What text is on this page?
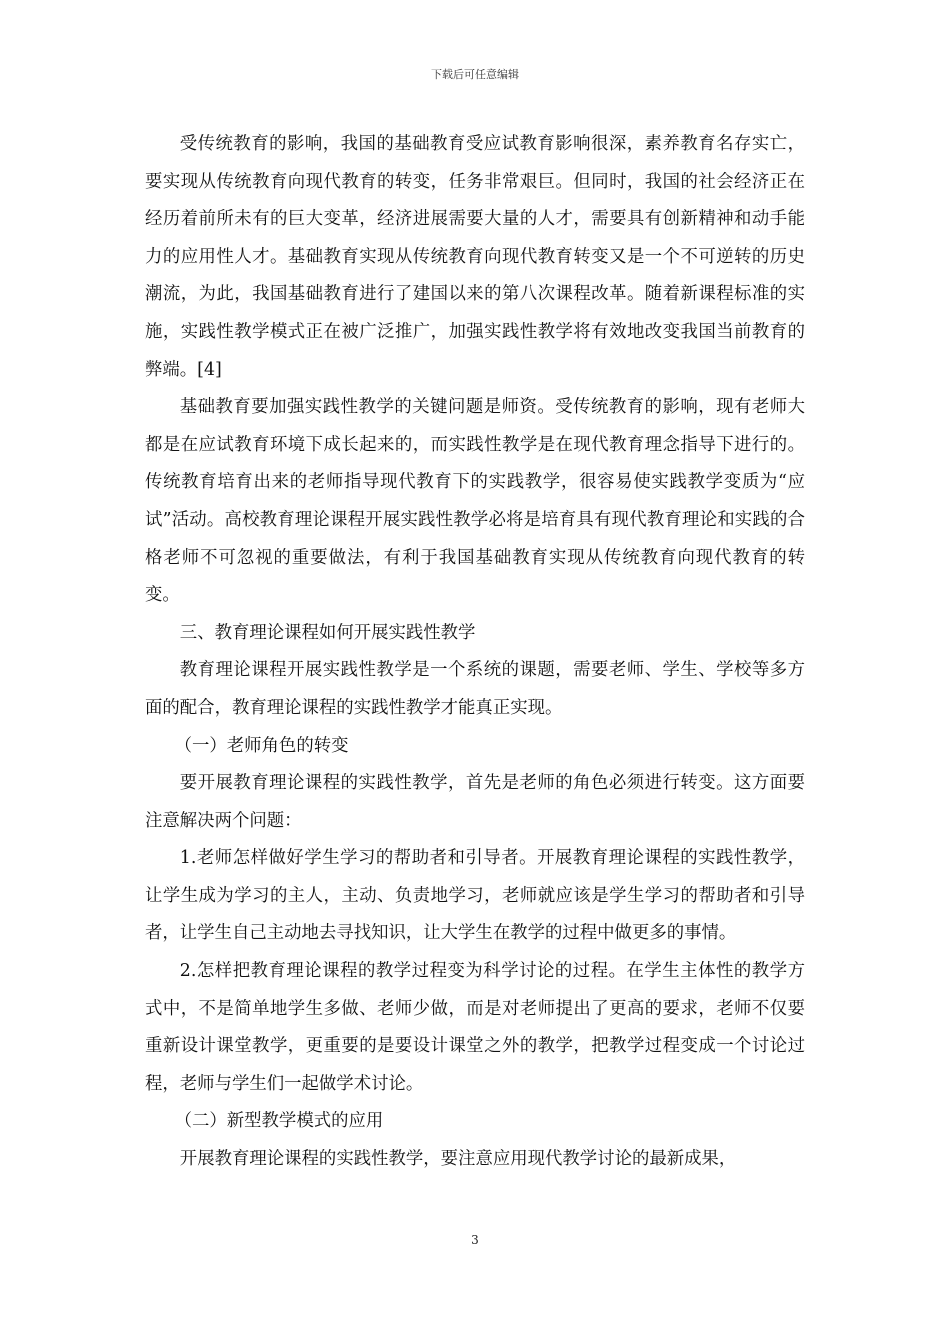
下载后可任意编辑

受传统教育的影响，我国的基础教育受应试教育影响很深，素养教育名存实亡，要实现从传统教育向现代教育的转变，任务非常艰巨。但同时，我国的社会经济正在经历着前所未有的巨大变革，经济进展需要大量的人才，需要具有创新精神和动手能力的应用性人才。基础教育实现从传统教育向现代教育转变又是一个不可逆转的历史潮流，为此，我国基础教育进行了建国以来的第八次课程改革。随着新课程标准的实施，实践性教学模式正在被广泛推广，加强实践性教学将有效地改变我国当前教育的弊端。[4]

基础教育要加强实践性教学的关键问题是师资。受传统教育的影响，现有老师大都是在应试教育环境下成长起来的，而实践性教学是在现代教育理念指导下进行的。传统教育培育出来的老师指导现代教育下的实践教学，很容易使实践教学变质为“应试”活动。高校教育理论课程开展实践性教学必将是培育具有现代教育理论和实践的合格老师不可忽视的重要做法，有利于我国基础教育实现从传统教育向现代教育的转变。

三、教育理论课程如何开展实践性教学

教育理论课程开展实践性教学是一个系统的课题，需要老师、学生、学校等多方面的配合，教育理论课程的实践性教学才能真正实现。

（一）老师角色的转变

要开展教育理论课程的实践性教学，首先是老师的角色必须进行转变。这方面要注意解决两个问题：

1.老师怎样做好学生学习的帮助者和引导者。开展教育理论课程的实践性教学，让学生成为学习的主人，主动、负责地学习，老师就应该是学生学习的帮助者和引导者，让学生自己主动地去寻找知识，让大学生在教学的过程中做更多的事情。

2.怎样把教育理论课程的教学过程变为科学讨论的过程。在学生主体性的教学方式中，不是简单地学生多做、老师少做，而是对老师提出了更高的要求，老师不仅要重新设计课堂教学，更重要的是要设计课堂之外的教学，把教学过程变成一个讨论过程，老师与学生们一起做学术讨论。

（二）新型教学模式的应用

开展教育理论课程的实践性教学，要注意应用现代教学讨论的最新成果，

3
